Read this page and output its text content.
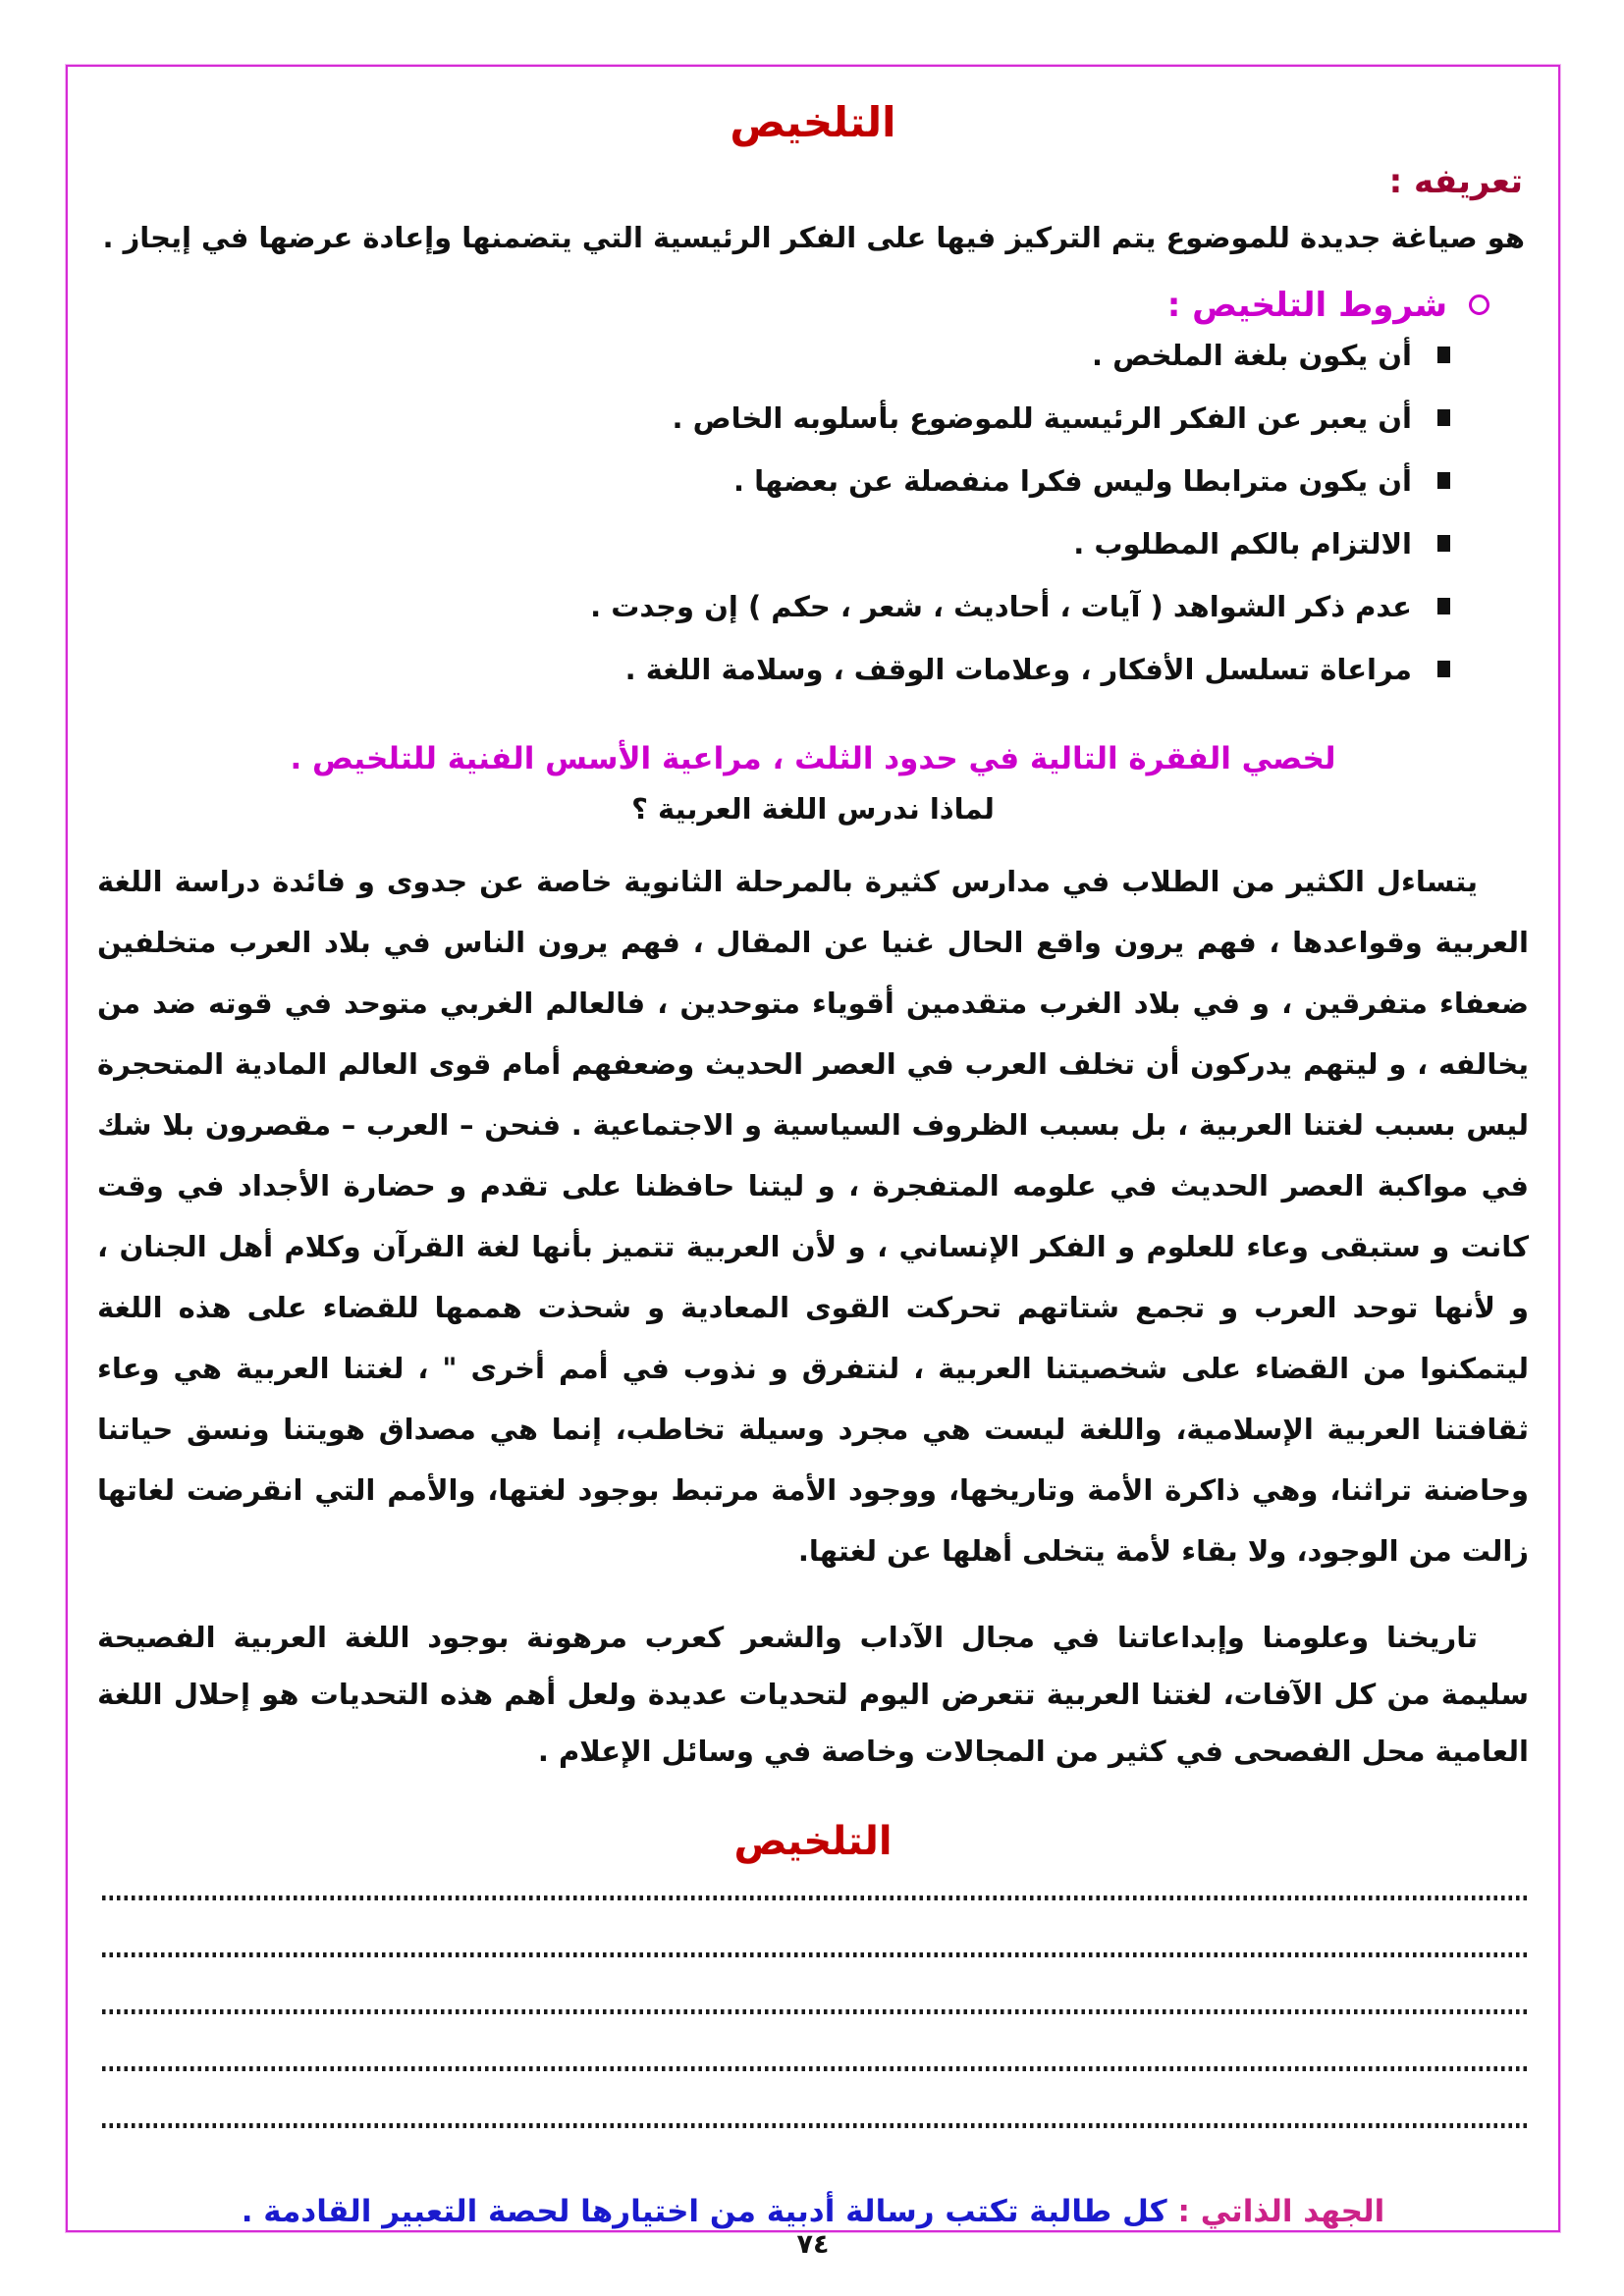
التلخيص
تعريفه :
هو صياغة جديدة للموضوع يتم التركيز فيها على الفكر الرئيسية التي يتضمنها وإعادة عرضها في إيجاز .
شروط التلخيص :
أن يكون بلغة الملخص .
أن يعبر عن الفكر الرئيسية للموضوع بأسلوبه الخاص .
أن يكون مترابطا وليس فكرا منفصلة عن بعضها .
الالتزام بالكم المطلوب .
عدم ذكر الشواهد ( آيات ، أحاديث ، شعر ، حكم ) إن وجدت .
مراعاة تسلسل الأفكار ، وعلامات الوقف ، وسلامة اللغة .
لخصي الفقرة التالية في حدود الثلث ، مراعية الأسس الفنية للتلخيص .
لماذا ندرس اللغة العربية ؟
يتساءل الكثير من الطلاب في مدارس كثيرة بالمرحلة الثانوية خاصة عن جدوى و فائدة دراسة اللغة العربية وقواعدها ، فهم يرون واقع الحال غنيا عن المقال ، فهم يرون الناس في بلاد العرب متخلفين ضعفاء متفرقين ، و في بلاد الغرب متقدمين أقوياء متوحدين ، فالعالم الغربي متوحد في قوته ضد من يخالفه ، و ليتهم يدركون أن تخلف العرب في العصر الحديث وضعفهم أمام قوى العالم المادية المتحجرة ليس بسبب لغتنا العربية ، بل بسبب الظروف السياسية و الاجتماعية . فنحن – العرب – مقصرون بلا شك في مواكبة العصر الحديث في علومه المتفجرة ، و ليتنا حافظنا على تقدم و حضارة الأجداد في وقت كانت و ستبقى وعاء للعلوم و الفكر الإنساني ، و لأن العربية تتميز بأنها لغة القرآن وكلام أهل الجنان ، و لأنها توحد العرب و تجمع شتاتهم تحركت القوى المعادية و شحذت هممها للقضاء على هذه اللغة ليتمكنوا من القضاء على شخصيتنا العربية ، لنتفرق و نذوب في أمم أخرى " ، لغتنا العربية هي وعاء ثقافتنا العربية الإسلامية، واللغة ليست هي مجرد وسيلة تخاطب، إنما هي مصداق هويتنا ونسق حياتنا وحاضنة تراثنا، وهي ذاكرة الأمة وتاريخها، ووجود الأمة مرتبط بوجود لغتها، والأمم التي انقرضت لغاتها زالت من الوجود، ولا بقاء لأمة يتخلى أهلها عن لغتها.
تاريخنا وعلومنا وإبداعاتنا في مجال الآداب والشعر كعرب مرهونة بوجود اللغة العربية الفصيحة سليمة من كل الآفات، لغتنا العربية تتعرض اليوم لتحديات عديدة ولعل أهم هذه التحديات هو إحلال اللغة العامية محل الفصحى في كثير من المجالات وخاصة في وسائل الإعلام .
التلخيص
الجهد الذاتي : كل طالبة تكتب رسالة أدبية من اختيارها لحصة التعبير القادمة .
٧٤
